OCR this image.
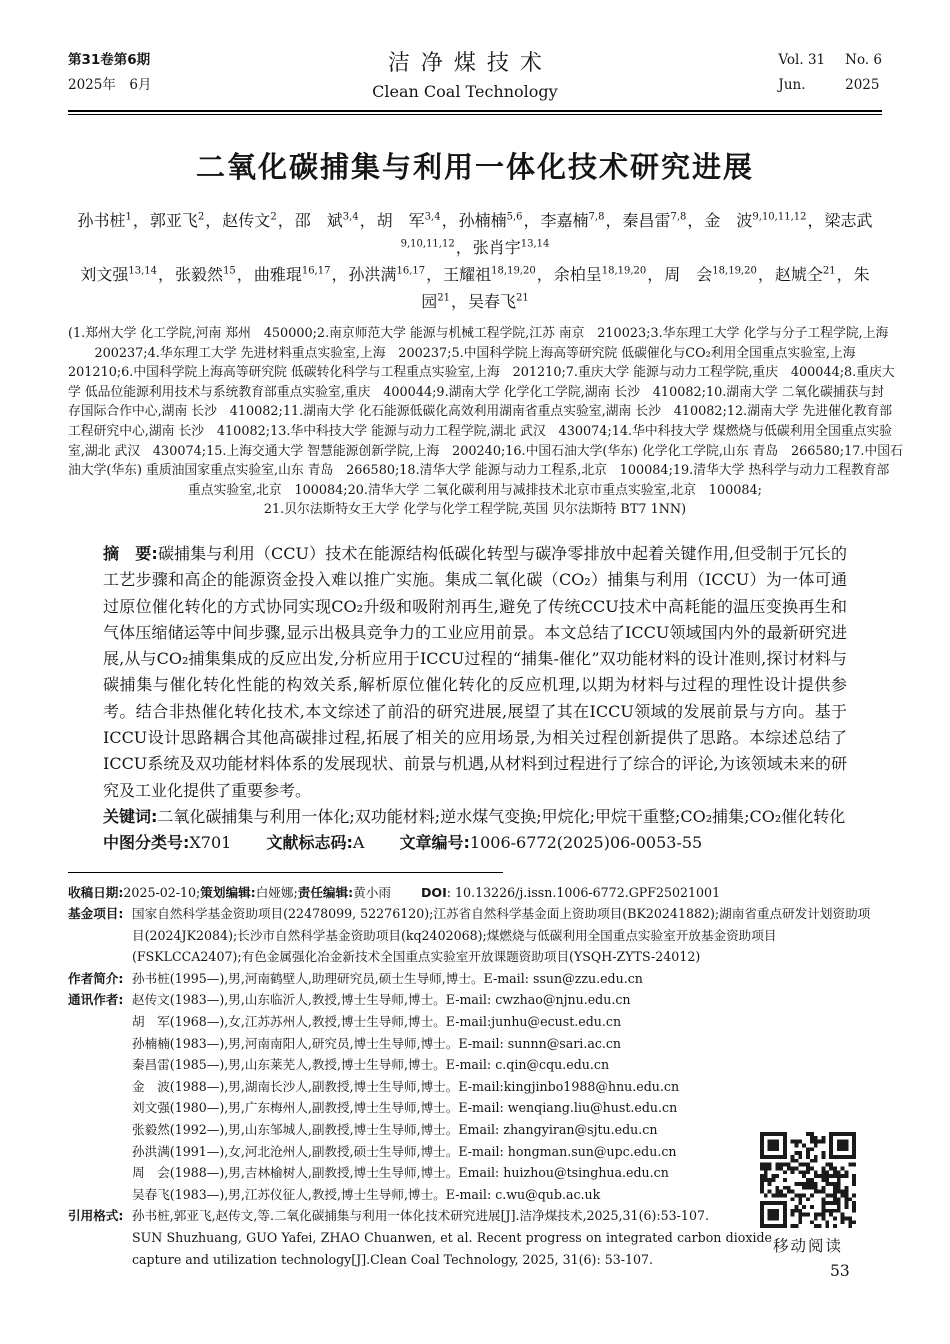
第31卷第6期
2025年　6月
洁净煤技术
Clean Coal Technology
Vol. 31 No. 6
Jun.	2025
二氧化碳捕集与利用一体化技术研究进展
孙书桩$^1$，郭亚飞$^2$，赵传文$^2$，邵　斌$^{3,4}$，胡　军$^{3,4}$，孙楠楠$^{5,6}$，李嘉楠$^{7,8}$，秦昌雷$^{7,8}$，金　波$^{9,10,11,12}$，梁志武$^{9,10,11,12}$，张肖宇$^{13,14}$
刘文强$^{13,14}$，张毅然$^{15}$，曲雅琨$^{16,17}$，孙洪满$^{16,17}$，王耀祖$^{18,19,20}$，余柏呈$^{18,19,20}$，周　会$^{18,19,20}$，赵虓仝$^{21}$，朱　园$^{21}$，吴春飞$^{21}$
(1.郑州大学 化工学院,河南 郑州　450000;2.南京师范大学 能源与机械工程学院,江苏 南京　210023;3.华东理工大学 化学与分子工程学院,上海
200237;4.华东理工大学 先进材料重点实验室,上海　200237;5.中国科学院上海高等研究院 低碳催化与CO₂利用全国重点实验室,上海
201210;6.中国科学院上海高等研究院 低碳转化科学与工程重点实验室,上海　201210;7.重庆大学 能源与动力工程学院,重庆　400044;8.重庆大
学 低品位能源利用技术与系统教育部重点实验室,重庆　400044;9.湖南大学 化学化工学院,湖南 长沙　410082;10.湖南大学 二氧化碳捕获与封
存国际合作中心,湖南 长沙　410082;11.湖南大学 化石能源低碳化高效利用湖南省重点实验室,湖南 长沙　410082;12.湖南大学 先进催化教育部
工程研究中心,湖南 长沙　410082;13.华中科技大学 能源与动力工程学院,湖北 武汉　430074;14.华中科技大学 煤燃烧与低碳利用全国重点实验
室,湖北 武汉　430074;15.上海交通大学 智慧能源创新学院,上海　200240;16.中国石油大学(华东) 化学化工学院,山东 青岛　266580;17.中国石
油大学(华东) 重质油国家重点实验室,山东 青岛　266580;18.清华大学 能源与动力工程系,北京　100084;19.清华大学 热科学与动力工程教育部
重点实验室,北京　100084;20.清华大学 二氧化碳利用与减排技术北京市重点实验室,北京　100084;
21.贝尔法斯特女王大学 化学与化学工程学院,英国 贝尔法斯特 BT7 1NN)

摘　要:碳捕集与利用（CCU）技术在能源结构低碳化转型与碳净零排放中起着关键作用,但受制于冗长的工艺步骤和高企的能源资金投入难以推广实施。集成二氧化碳（CO₂）捕集与利用（ICCU）为一体可通过原位催化转化的方式协同实现CO₂升级和吸附剂再生,避免了传统CCU技术中高耗能的温压变换再生和气体压缩储运等中间步骤,显示出极具竞争力的工业应用前景。本文总结了ICCU领域国内外的最新研究进展,从与CO₂捕集集成的反应出发,分析应用于ICCU过程的“捕集-催化”双功能材料的设计准则,探讨材料与碳捕集与催化转化性能的构效关系,解析原位催化转化的反应机理,以期为材料与过程的理性设计提供参考。结合非热催化转化技术,本文综述了前沿的研究进展,展望了其在ICCU领域的发展前景与方向。基于ICCU设计思路耦合其他高碳排过程,拓展了相关的应用场景,为相关过程创新提供了思路。本综述总结了ICCU系统及双功能材料体系的发展现状、前景与机遇,从材料到过程进行了综合的评论,为该领域未来的研究及工业化提供了重要参考。

关键词:二氧化碳捕集与利用一体化;双功能材料;逆水煤气变换;甲烷化;甲烷干重整;CO₂捕集;CO₂催化转化

中图分类号:X701 文献标志码:A 文章编号:1006-6772(2025)06-0053-55

收稿日期:2025-02-10;策划编辑:白娅娜;责任编辑:黄小雨 DOI: 10.13226/j.issn.1006-6772.GPF25021001
基金项目: 国家自然科学基金资助项目(22478099, 52276120);江苏省自然科学基金面上资助项目(BK20241882);湖南省重点研发计划资助项目(2024JK2084);长沙市自然科学基金资助项目(kq2402068);煤燃烧与低碳利用全国重点实验室开放基金资助项目(FSKLCCA2407);有色金属强化冶金新技术全国重点实验室开放课题资助项目(YSQH-ZYTS-24012)
作者简介: 孙书桩(1995—),男,河南鹤壁人,助理研究员,硕士生导师,博士。E-mail: ssun@zzu.edu.cn
通讯作者: 赵传文(1983—),男,山东临沂人,教授,博士生导师,博士。E-mail: cwzhao@njnu.edu.cn
胡　军(1968—),女,江苏苏州人,教授,博士生导师,博士。E-mail:junhu@ecust.edu.cn
孙楠楠(1983—),男,河南南阳人,研究员,博士生导师,博士。E-mail: sunnn@sari.ac.cn
秦昌雷(1985—),男,山东莱芜人,教授,博士生导师,博士。E-mail: c.qin@cqu.edu.cn
金　波(1988—),男,湖南长沙人,副教授,博士生导师,博士。E-mail:kingjinbo1988@hnu.edu.cn
刘文强(1980—),男,广东梅州人,副教授,博士生导师,博士。E-mail: wenqiang.liu@hust.edu.cn
张毅然(1992—),男,山东邹城人,副教授,博士生导师,博士。Email: zhangyiran@sjtu.edu.cn
孙洪满(1991—),女,河北沧州人,副教授,硕士生导师,博士。E-mail: hongman.sun@upc.edu.cn
周　会(1988—),男,吉林榆树人,副教授,博士生导师,博士。Email: huizhou@tsinghua.edu.cn
吴春飞(1983—),男,江苏仪征人,教授,博士生导师,博士。E-mail: c.wu@qub.ac.uk
引用格式: 孙书桩,郭亚飞,赵传文,等.二氧化碳捕集与利用一体化技术研究进展[J].洁净煤技术,2025,31(6):53-107.
SUN Shuzhuang, GUO Yafei, ZHAO Chuanwen, et al. Recent progress on integrated carbon dioxide capture and utilization technology[J].Clean Coal Technology, 2025, 31(6): 53-107.
移动阅读
53
